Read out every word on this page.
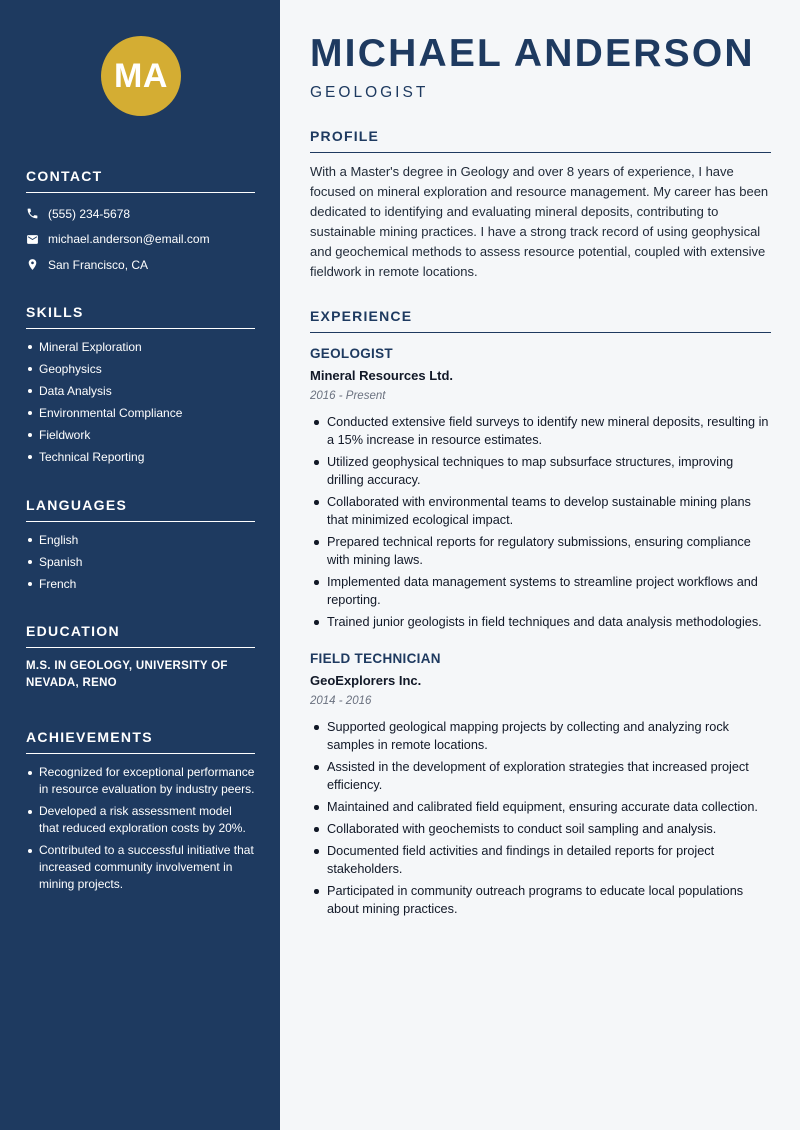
MA
CONTACT
(555) 234-5678
michael.anderson@email.com
San Francisco, CA
SKILLS
Mineral Exploration
Geophysics
Data Analysis
Environmental Compliance
Fieldwork
Technical Reporting
LANGUAGES
English
Spanish
French
EDUCATION
M.S. IN GEOLOGY, UNIVERSITY OF NEVADA, RENO
ACHIEVEMENTS
Recognized for exceptional performance in resource evaluation by industry peers.
Developed a risk assessment model that reduced exploration costs by 20%.
Contributed to a successful initiative that increased community involvement in mining projects.
MICHAEL ANDERSON
GEOLOGIST
PROFILE
With a Master's degree in Geology and over 8 years of experience, I have focused on mineral exploration and resource management. My career has been dedicated to identifying and evaluating mineral deposits, contributing to sustainable mining practices. I have a strong track record of using geophysical and geochemical methods to assess resource potential, coupled with extensive fieldwork in remote locations.
EXPERIENCE
GEOLOGIST
Mineral Resources Ltd.
2016 - Present
Conducted extensive field surveys to identify new mineral deposits, resulting in a 15% increase in resource estimates.
Utilized geophysical techniques to map subsurface structures, improving drilling accuracy.
Collaborated with environmental teams to develop sustainable mining plans that minimized ecological impact.
Prepared technical reports for regulatory submissions, ensuring compliance with mining laws.
Implemented data management systems to streamline project workflows and reporting.
Trained junior geologists in field techniques and data analysis methodologies.
FIELD TECHNICIAN
GeoExplorers Inc.
2014 - 2016
Supported geological mapping projects by collecting and analyzing rock samples in remote locations.
Assisted in the development of exploration strategies that increased project efficiency.
Maintained and calibrated field equipment, ensuring accurate data collection.
Collaborated with geochemists to conduct soil sampling and analysis.
Documented field activities and findings in detailed reports for project stakeholders.
Participated in community outreach programs to educate local populations about mining practices.
